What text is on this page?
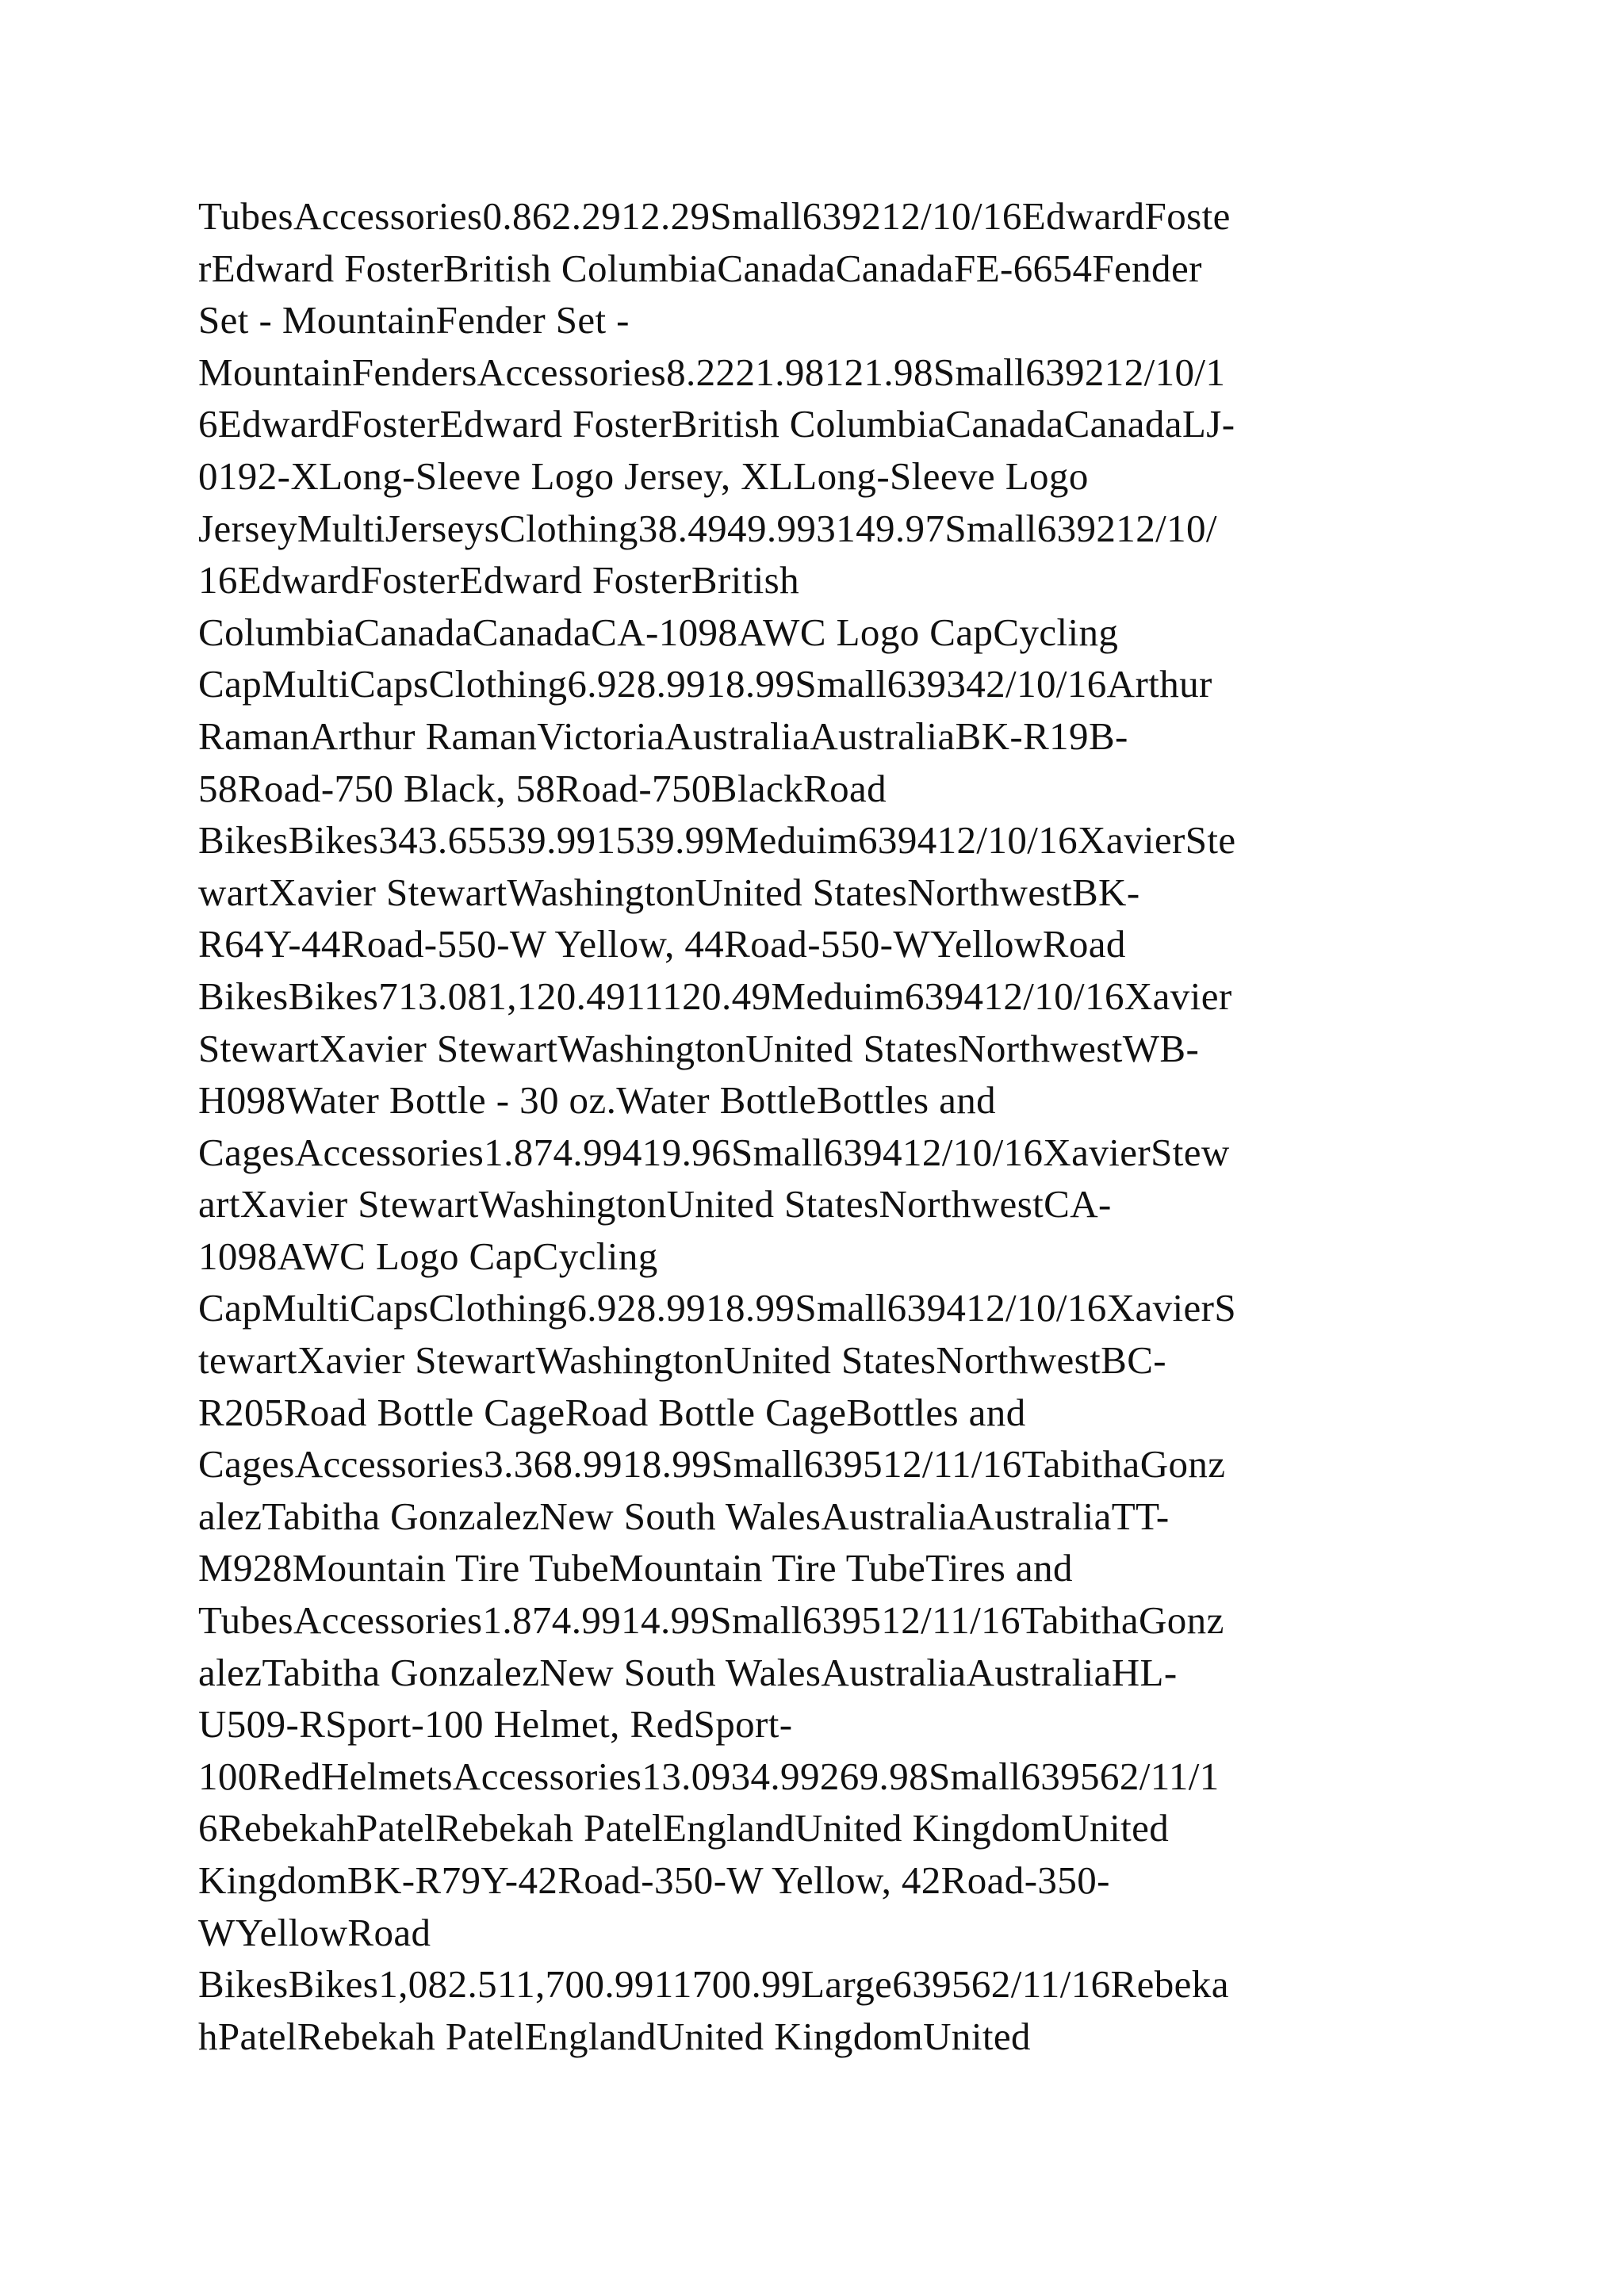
TubesAccessories0.862.2912.29Small639212/10/16EdwardFoste
rEdward FosterBritish ColumbiaCanadaCanadaFE-6654Fender
Set - MountainFender Set -
MountainFendersAccessories8.2221.98121.98Small639212/10/1
6EdwardFosterEdward FosterBritish ColumbiaCanadaCanadaLJ-
0192-XLong-Sleeve Logo Jersey, XLLong-Sleeve Logo
JerseyMultiJerseysClothing38.4949.993149.97Small639212/10/
16EdwardFosterEdward FosterBritish
ColumbiaCanadaCanadaCA-1098AWC Logo CapCycling
CapMultiCapsClothing6.928.9918.99Small639342/10/16Arthur
RamanArthur RamanVictoriaAustraliaAustraliaBK-R19B-
58Road-750 Black, 58Road-750BlackRoad
BikesBikes343.65539.991539.99Meduim639412/10/16XavierSte
wartXavier StewartWashingtonUnited StatesNorthwestBK-
R64Y-44Road-550-W Yellow, 44Road-550-WYellowRoad
BikesBikes713.081,120.4911120.49Meduim639412/10/16Xavier
StewartXavier StewartWashingtonUnited StatesNorthwestWB-
H098Water Bottle - 30 oz.Water BottleBottles and
CagesAccessories1.874.99419.96Small639412/10/16XavierStew
artXavier StewartWashingtonUnited StatesNorthwestCA-
1098AWC Logo CapCycling
CapMultiCapsClothing6.928.9918.99Small639412/10/16XavierS
tewartXavier StewartWashingtonUnited StatesNorthwestBC-
R205Road Bottle CageRoad Bottle CageBottles and
CagesAccessories3.368.9918.99Small639512/11/16TabithaGonz
alezTabitha GonzalezNew South WalesAustraliaAustraliaTT-
M928Mountain Tire TubeMountain Tire TubeTires and
TubesAccessories1.874.9914.99Small639512/11/16TabithaGonz
alezTabitha GonzalezNew South WalesAustraliaAustraliaHL-
U509-RSport-100 Helmet, RedSport-
100RedHelmetsAccessories13.0934.99269.98Small639562/11/1
6RebekahPatelRebekah PatelEnglandUnited KingdomUnited
KingdomBK-R79Y-42Road-350-W Yellow, 42Road-350-
WYellowRoad
BikesBikes1,082.511,700.9911700.99Large639562/11/16Rebeka
hPatelRebekah PatelEnglandUnited KingdomUnited
